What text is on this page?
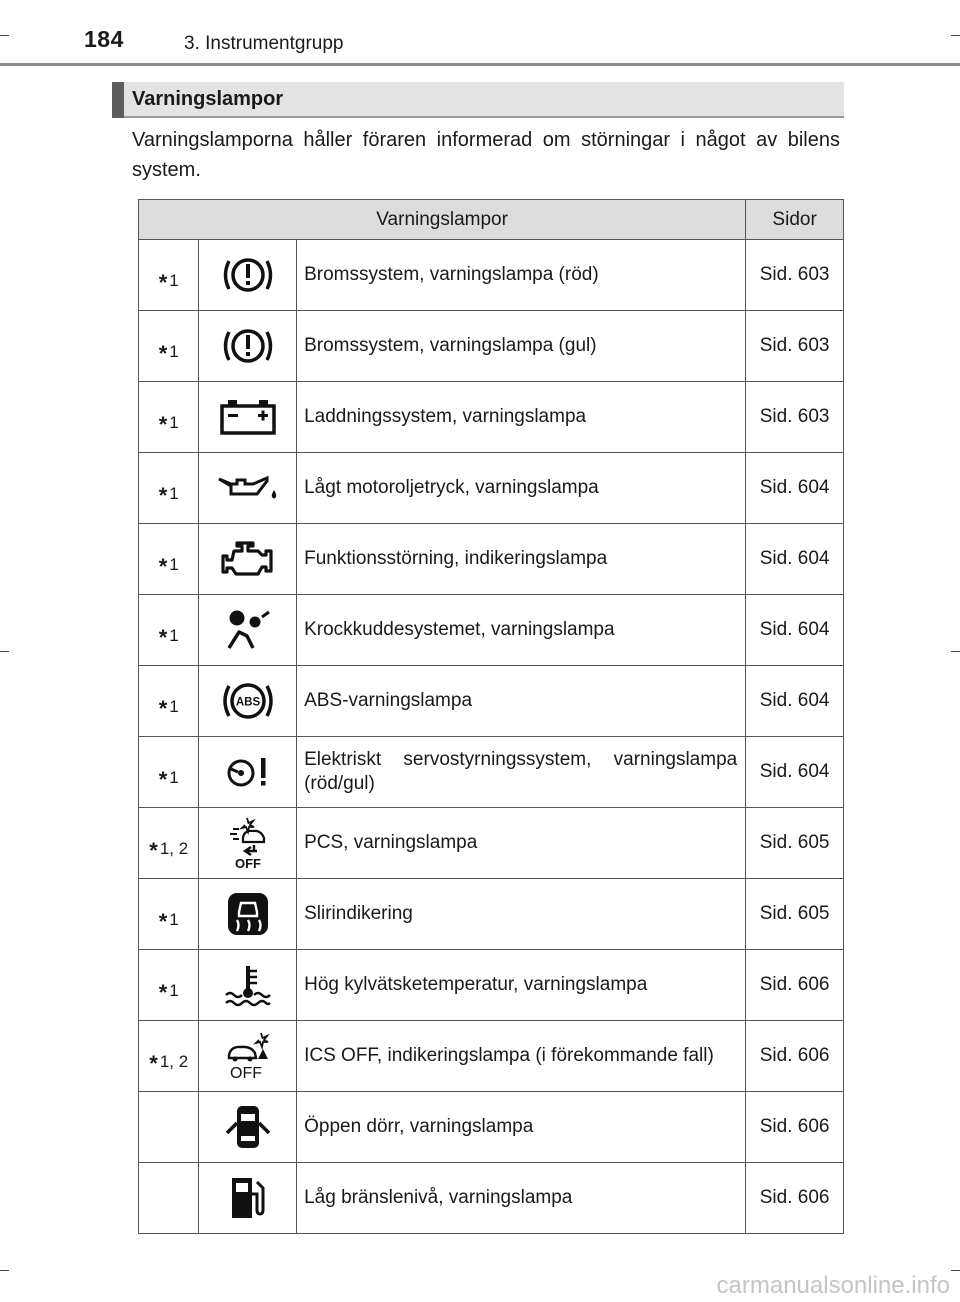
184	3. Instrumentgrupp
Varningslampor

Varningslamporna håller föraren informerad om störningar i något av bilens system.

Varningslampor			Sidor
* 1		Bromssystem, varningslampa (röd)	Sid. 603
* 1		Bromssystem, varningslampa (gul)	Sid. 603
* 1		Laddningssystem, varningslampa	Sid. 603
* 1		Lågt motoroljetryck, varningslampa	Sid. 604
* 1		Funktionsstörning, indikeringslampa	Sid. 604
* 1		Krockkuddesystemet, varningslampa	Sid. 604
* 1	ABS	ABS-varningslampa	Sid. 604
* 1		Elektriskt servostyrningssystem, varningslampa (röd/gul)	Sid. 604
* 1, 2	OFF	PCS, varningslampa	Sid. 605
* 1		Slirindikering	Sid. 605
* 1		Hög kylvätsketemperatur, varningslampa	Sid. 606
* 1, 2	OFF	ICS OFF, indikeringslampa (i förekommande fall)	Sid. 606

	Öppen dörr, varningslampa	Sid. 606

	Låg bränslenivå, varningslampa	Sid. 606
carmanualsonline.info
